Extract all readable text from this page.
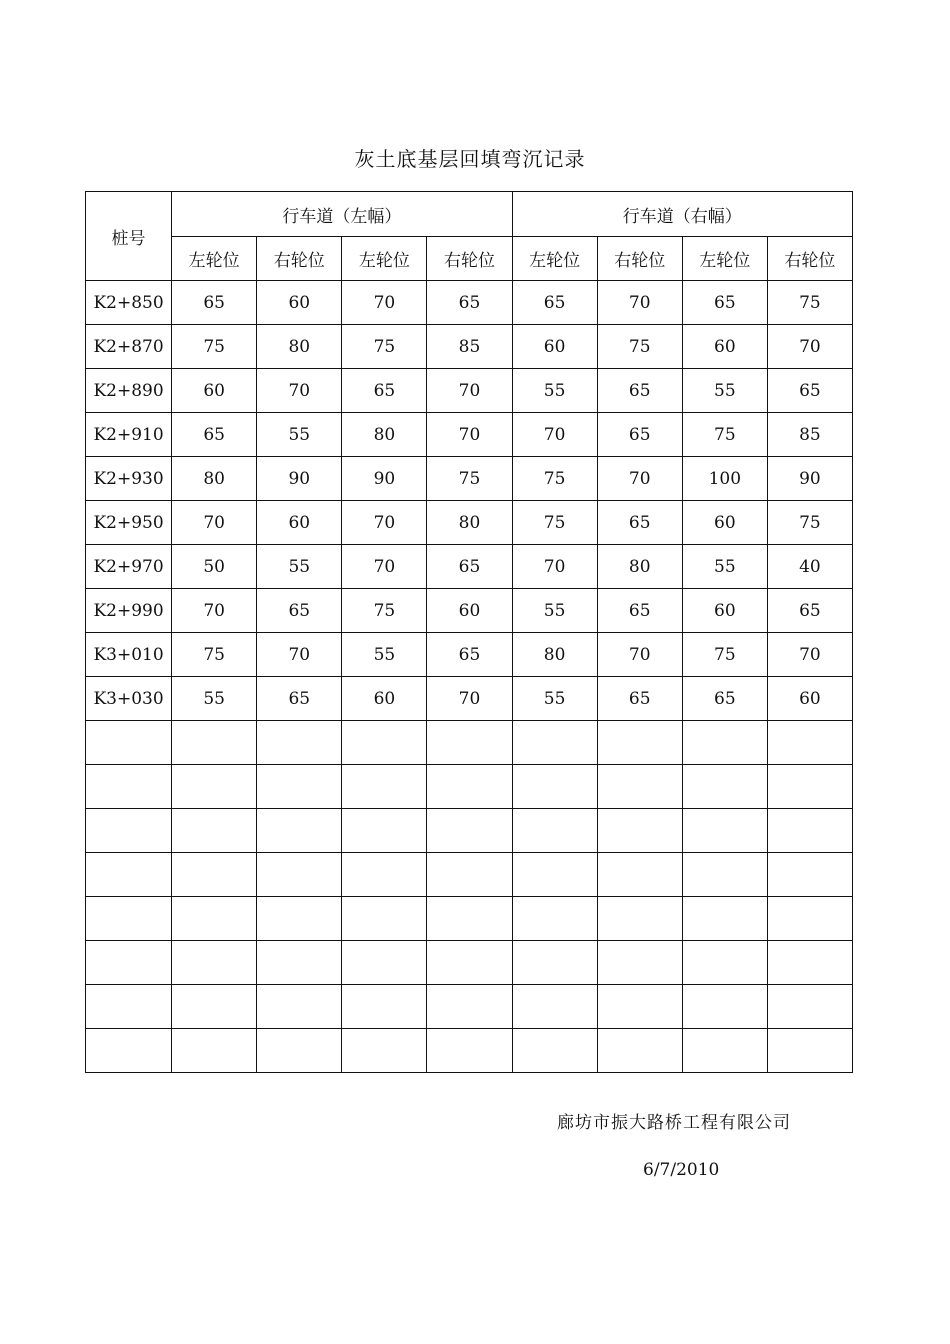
灰土底基层回填弯沉记录
桩号	行车道（左幅）				行车道（右幅）			
	左轮位	右轮位	左轮位	右轮位	左轮位	右轮位	左轮位	右轮位
K2+850	65	60	70	65	65	70	65	75
K2+870	75	80	75	85	60	75	60	70
K2+890	60	70	65	70	55	65	55	65
K2+910	65	55	80	70	70	65	75	85
K2+930	80	90	90	75	75	70	100	90
K2+950	70	60	70	80	75	65	60	75
K2+970	50	55	70	65	70	80	55	40
K2+990	70	65	75	60	55	65	60	65
K3+010	75	70	55	65	80	70	75	70
K3+030	55	65	60	70	55	65	65	60

廊坊市振大路桥工程有限公司
6/7/2010
